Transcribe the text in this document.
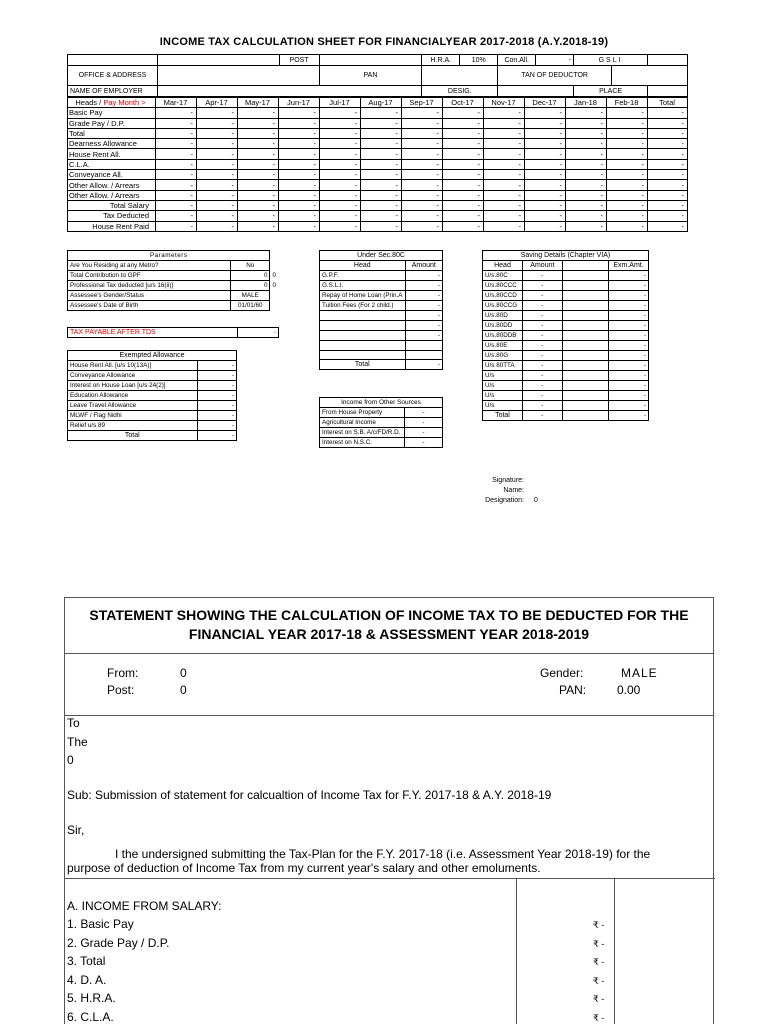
INCOME TAX CALCULATION SHEET FOR FINANCIALYEAR 2017-2018 (A.Y.2018-19)
		POST		H.R.A.	10%	Con.All.	-	GSLI		
OFFICE & ADDRESS			PAN			TAN OF DEDUCTOR				
NAME OF EMPLOYER				DESIG.				PLACE		
Heads / Pay Month >	Mar-17	Apr-17	May-17	Jun-17	Jul-17	Aug-17	Sep-17	Oct-17	Nov-17	Dec-17	Jan-18	Feb-18	Total
Basic Pay	-	-	-	-	-	-	-	-	-	-	-	-	-
Grade Pay / D.P.	-	-	-	-	-	-	-	-	-	-	-	-	-
Total	-	-	-	-	-	-	-	-	-	-	-	-	-
Dearness Allowance	-	-	-	-	-	-	-	-	-	-	-	-	-
House Rent All.	-	-	-	-	-	-	-	-	-	-	-	-	-
C.L.A.	-	-	-	-	-	-	-	-	-	-	-	-	-
Conveyance All.	-	-	-	-	-	-	-	-	-	-	-	-	-
Other Allow. / Arrears	-	-	-	-	-	-	-	-	-	-	-	-	-
Other Allow. / Arrears	-	-	-	-	-	-	-	-	-	-	-	-	-
Total Salary	-	-	-	-	-	-	-	-	-	-	-	-	-
Tax Deducted	-	-	-	-	-	-	-	-	-	-	-	-	-
House Rent Paid	-	-	-	-	-	-	-	-	-	-	-	-	-
Parameters		
Are You Residing at any Metro?	No	
Total Contribution to GPF	0	0
Professional Tax deducted [u/s 16(ii)]	0	0
Assessee's Gender/Status	MALE	
Assessee's Date of Birth	01/01/60	
TAX PAYABLE AFTER TDS	-
Exempted Allowance	
House Rent All. [u/s 10(13A)]	-
Conveyance Allowance	-
Interest on House Loan [u/s 24(2)]	-
Education Allowance	-
Leave Travel Allowance	-
MLWF / Flag Nidhi	-
Relief u/s 89	-
Total	-
Under Sec.80C	
Head	Amount
G.P.F.	-
G.S.L.I.	-
Repay of Home Loan (Prin.A	-
Tuition Fees (For 2 child.)	-
	-
	-
	-

Total	-
Income from Other Sources	
From House Property	-
Agricultural Income	-
Interest on S.B. A/c/FD/R.D.	-
Interest on N.S.C.	-
Saving Details (Chapter VIA)			
Head	Amount		Exm.Amt.
U/s.80C	-		-
U/s.80CCC	-		-
U/s.80CCD	-		-
U/s.80CCG	-		-
U/s.80D	-		-
U/s.80DD	-		-
U/s.80DDB	-		-
U/s.80E	-		-
U/s.80G	-		-
U/s 80TTA	-		-
U/s	-		-
U/s	-		-
U/s	-		-
U/s	-		-
Total	-		-
Signature:
Name:
Designation:	0
STATEMENT SHOWING THE CALCULATION OF INCOME TAX TO BE DEDUCTED FOR THE
FINANCIAL YEAR 2017-18 & ASSESSMENT YEAR 2018-2019
From:	0
Post:	0
Gender:	MALE
PAN:	0.00
To
The
0
Sub: Submission of statement for calcualtion of Income Tax for F.Y. 2017-18 & A.Y. 2018-19
Sir,
I the undersigned submitting the Tax-Plan for the F.Y. 2017-18 (i.e. Assessment Year 2018-19) for the
purpose of deduction of Income Tax from my current year's salary and other emoluments.
A. INCOME FROM SALARY:
1. Basic Pay	₹ -
2. Grade Pay / D.P.	₹ -
3. Total	₹ -
4. D. A.	₹ -
5. H.R.A.	₹ -
6. C.L.A.	₹ -
